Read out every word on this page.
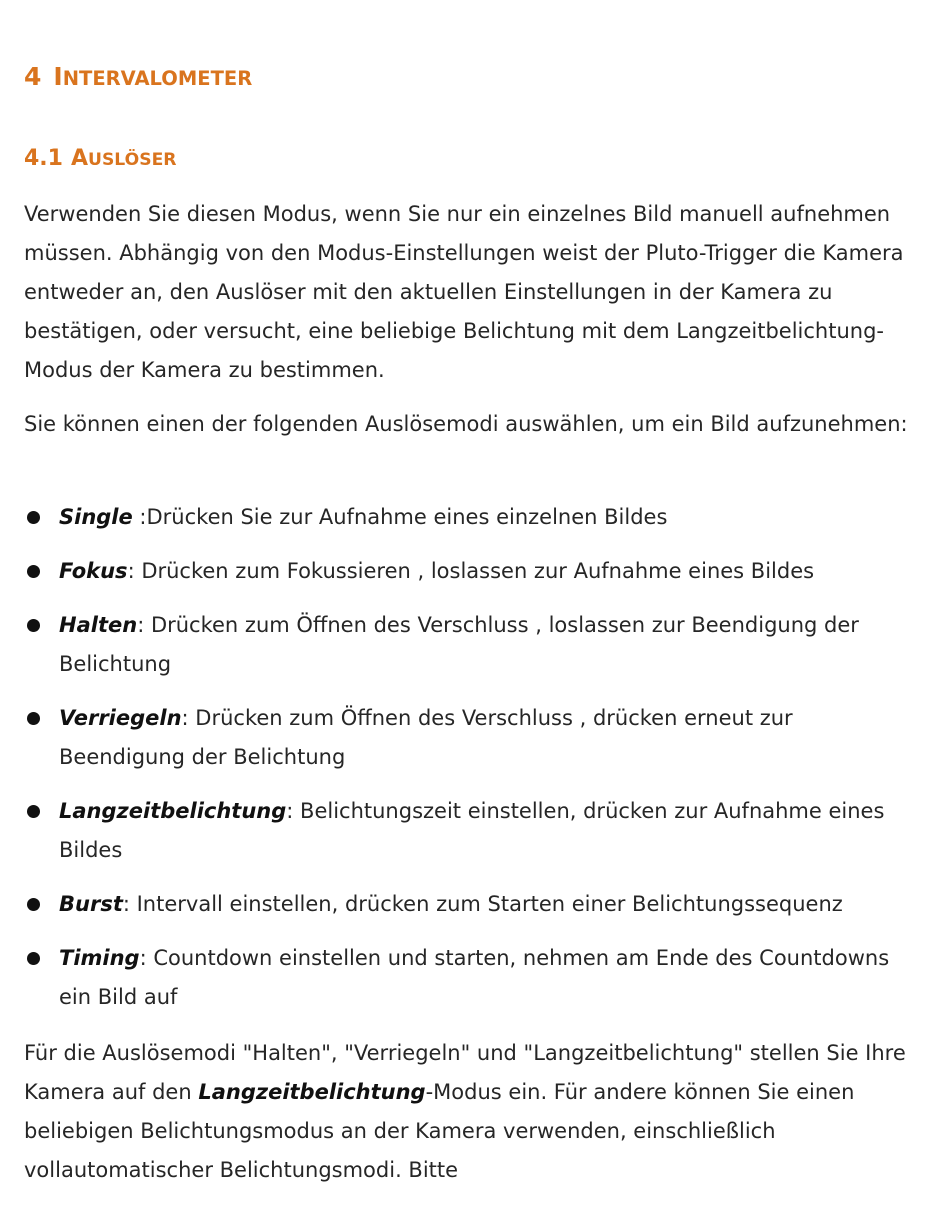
4 INTERVALOMETER
4.1 AUSLÖSER

Verwenden Sie diesen Modus, wenn Sie nur ein einzelnes Bild manuell aufnehmen müssen. Abhängig von den Modus-Einstellungen weist der Pluto-Trigger die Kamera entweder an, den Auslöser mit den aktuellen Einstellungen in der Kamera zu bestätigen, oder versucht, eine beliebige Belichtung mit dem Langzeitbelichtung-Modus der Kamera zu bestimmen.

Sie können einen der folgenden Auslösemodi auswählen, um ein Bild aufzunehmen:

Single :Drücken Sie zur Aufnahme eines einzelnen Bildes
Fokus: Drücken zum Fokussieren , loslassen zur Aufnahme eines Bildes
Halten: Drücken zum Öffnen des Verschluss , loslassen zur Beendigung der Belichtung
Verriegeln: Drücken zum Öffnen des Verschluss , drücken erneut zur Beendigung der Belichtung
Langzeitbelichtung: Belichtungszeit einstellen, drücken zur Aufnahme eines Bildes
Burst: Intervall einstellen, drücken zum Starten einer Belichtungssequenz
Timing: Countdown einstellen und starten, nehmen am Ende des Countdowns ein Bild auf

Für die Auslösemodi "Halten", "Verriegeln" und "Langzeitbelichtung" stellen Sie Ihre Kamera auf den Langzeitbelichtung-Modus ein. Für andere können Sie einen beliebigen Belichtungsmodus an der Kamera verwenden, einschließlich vollautomatischer Belichtungsmodi. Bitte
